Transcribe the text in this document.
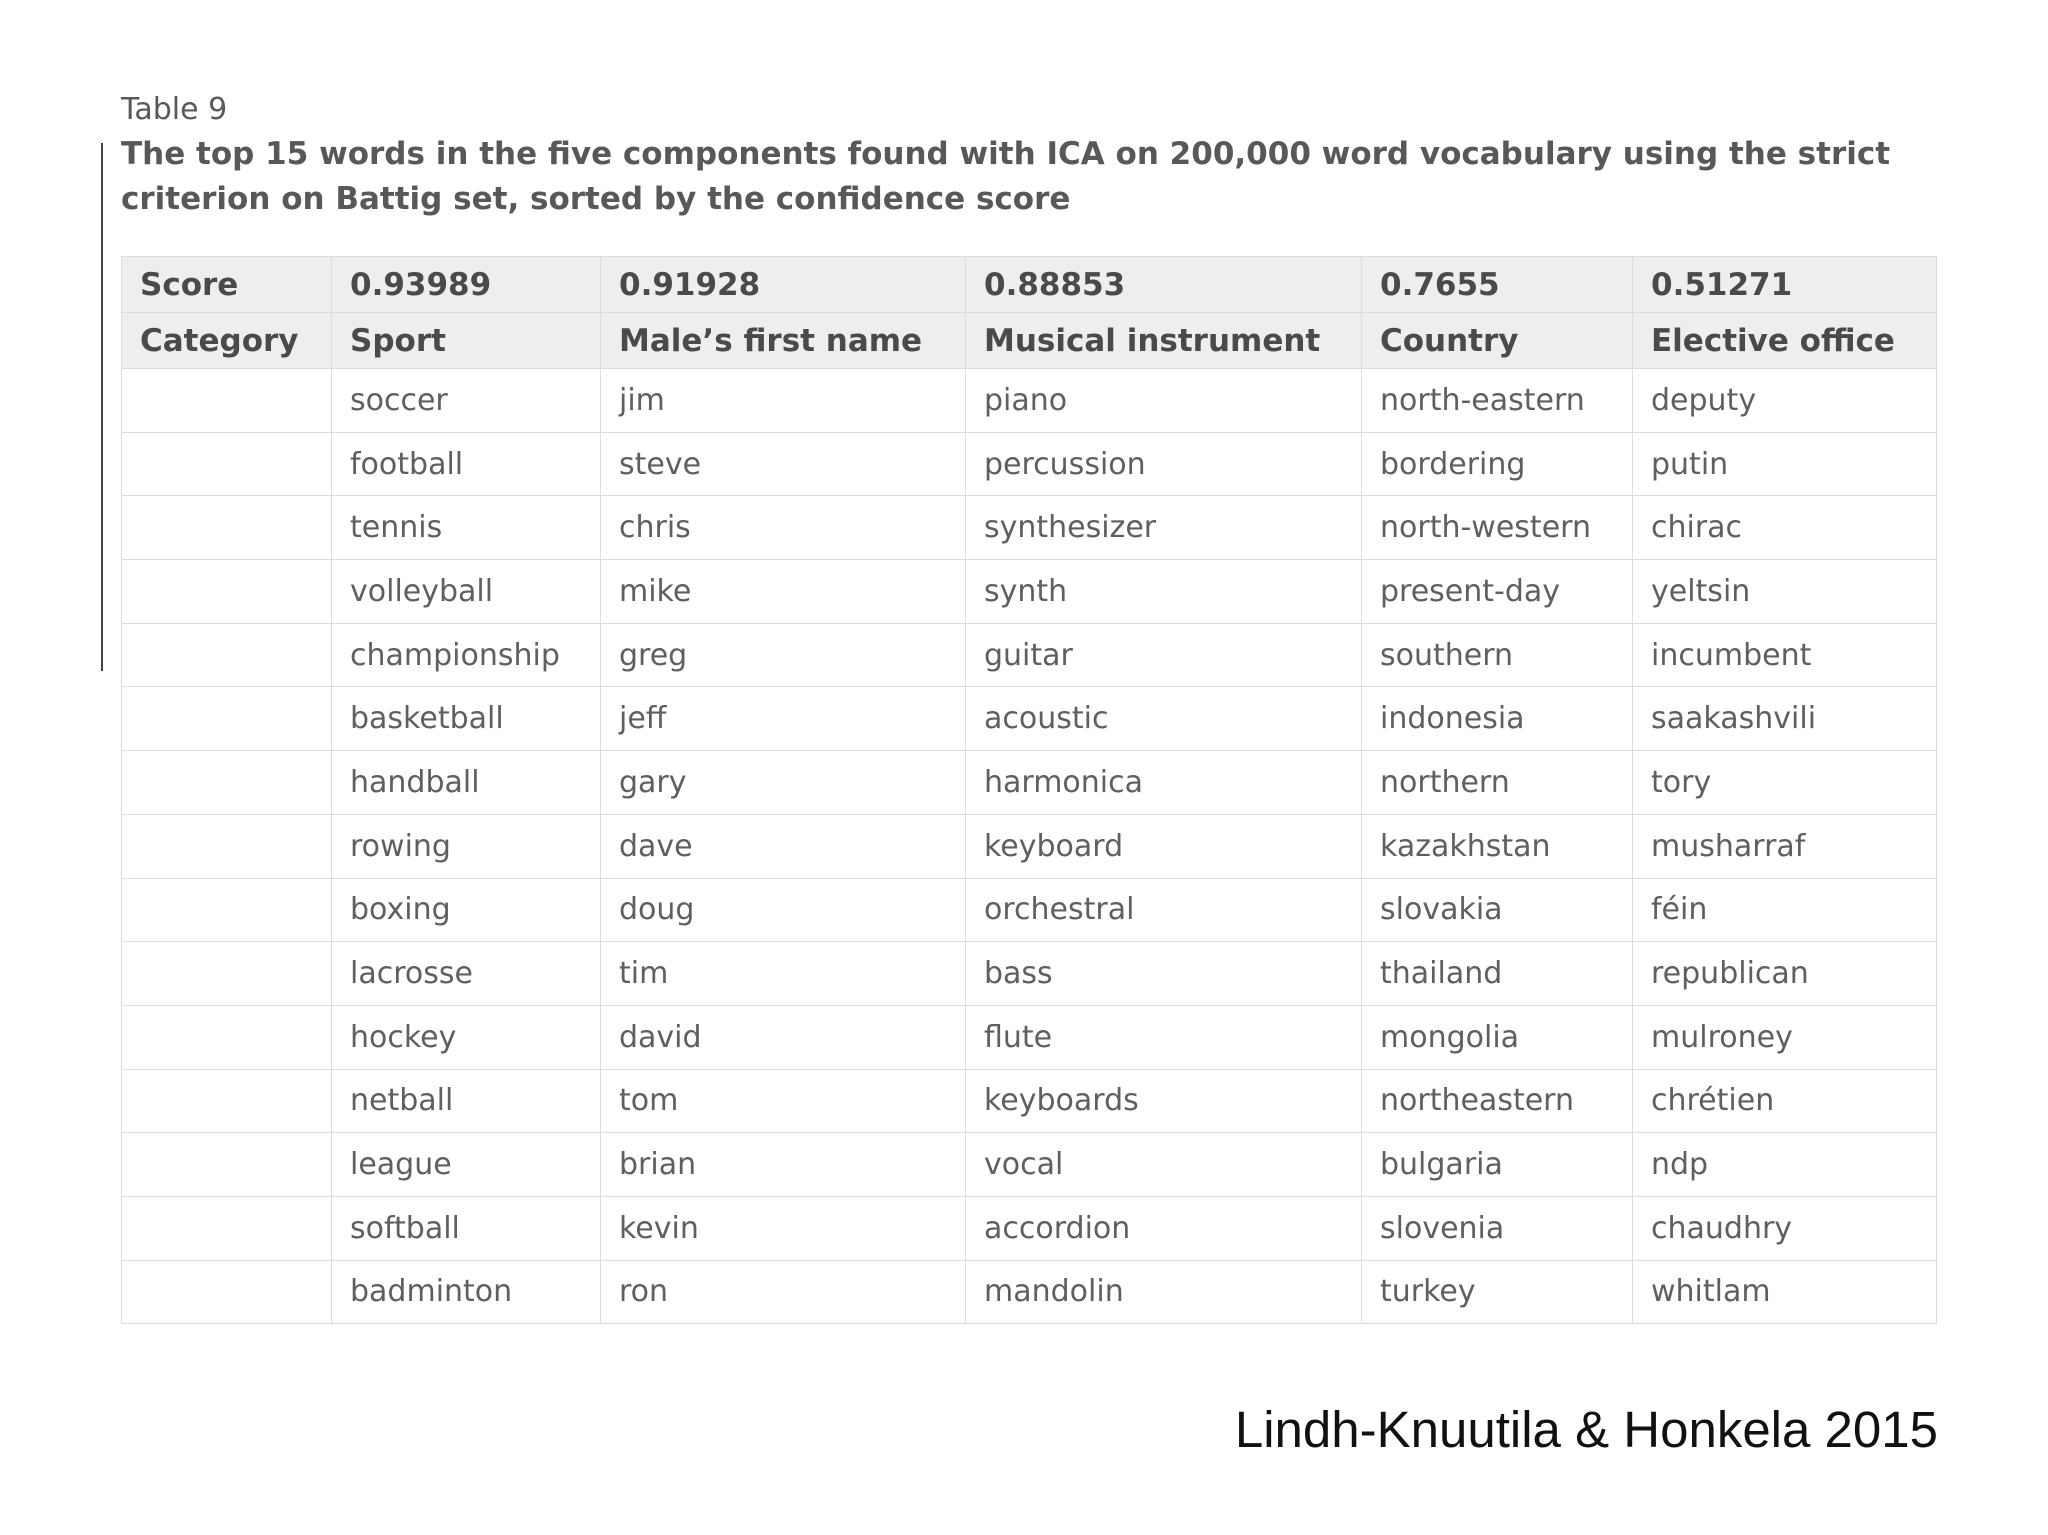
Table 9
The top 15 words in the five components found with ICA on 200,000 word vocabulary using the strict criterion on Battig set, sorted by the confidence score
Score	0.93989	0.91928	0.88853	0.7655	0.51271
Category	Sport	Male’s first name	Musical instrument	Country	Elective office
	soccer	jim	piano	north-eastern	deputy
	football	steve	percussion	bordering	putin
	tennis	chris	synthesizer	north-western	chirac
	volleyball	mike	synth	present-day	yeltsin
	championship	greg	guitar	southern	incumbent
	basketball	jeff	acoustic	indonesia	saakashvili
	handball	gary	harmonica	northern	tory
	rowing	dave	keyboard	kazakhstan	musharraf
	boxing	doug	orchestral	slovakia	féin
	lacrosse	tim	bass	thailand	republican
	hockey	david	flute	mongolia	mulroney
	netball	tom	keyboards	northeastern	chrétien
	league	brian	vocal	bulgaria	ndp
	softball	kevin	accordion	slovenia	chaudhry
	badminton	ron	mandolin	turkey	whitlam
Lindh-Knuutila & Honkela 2015
